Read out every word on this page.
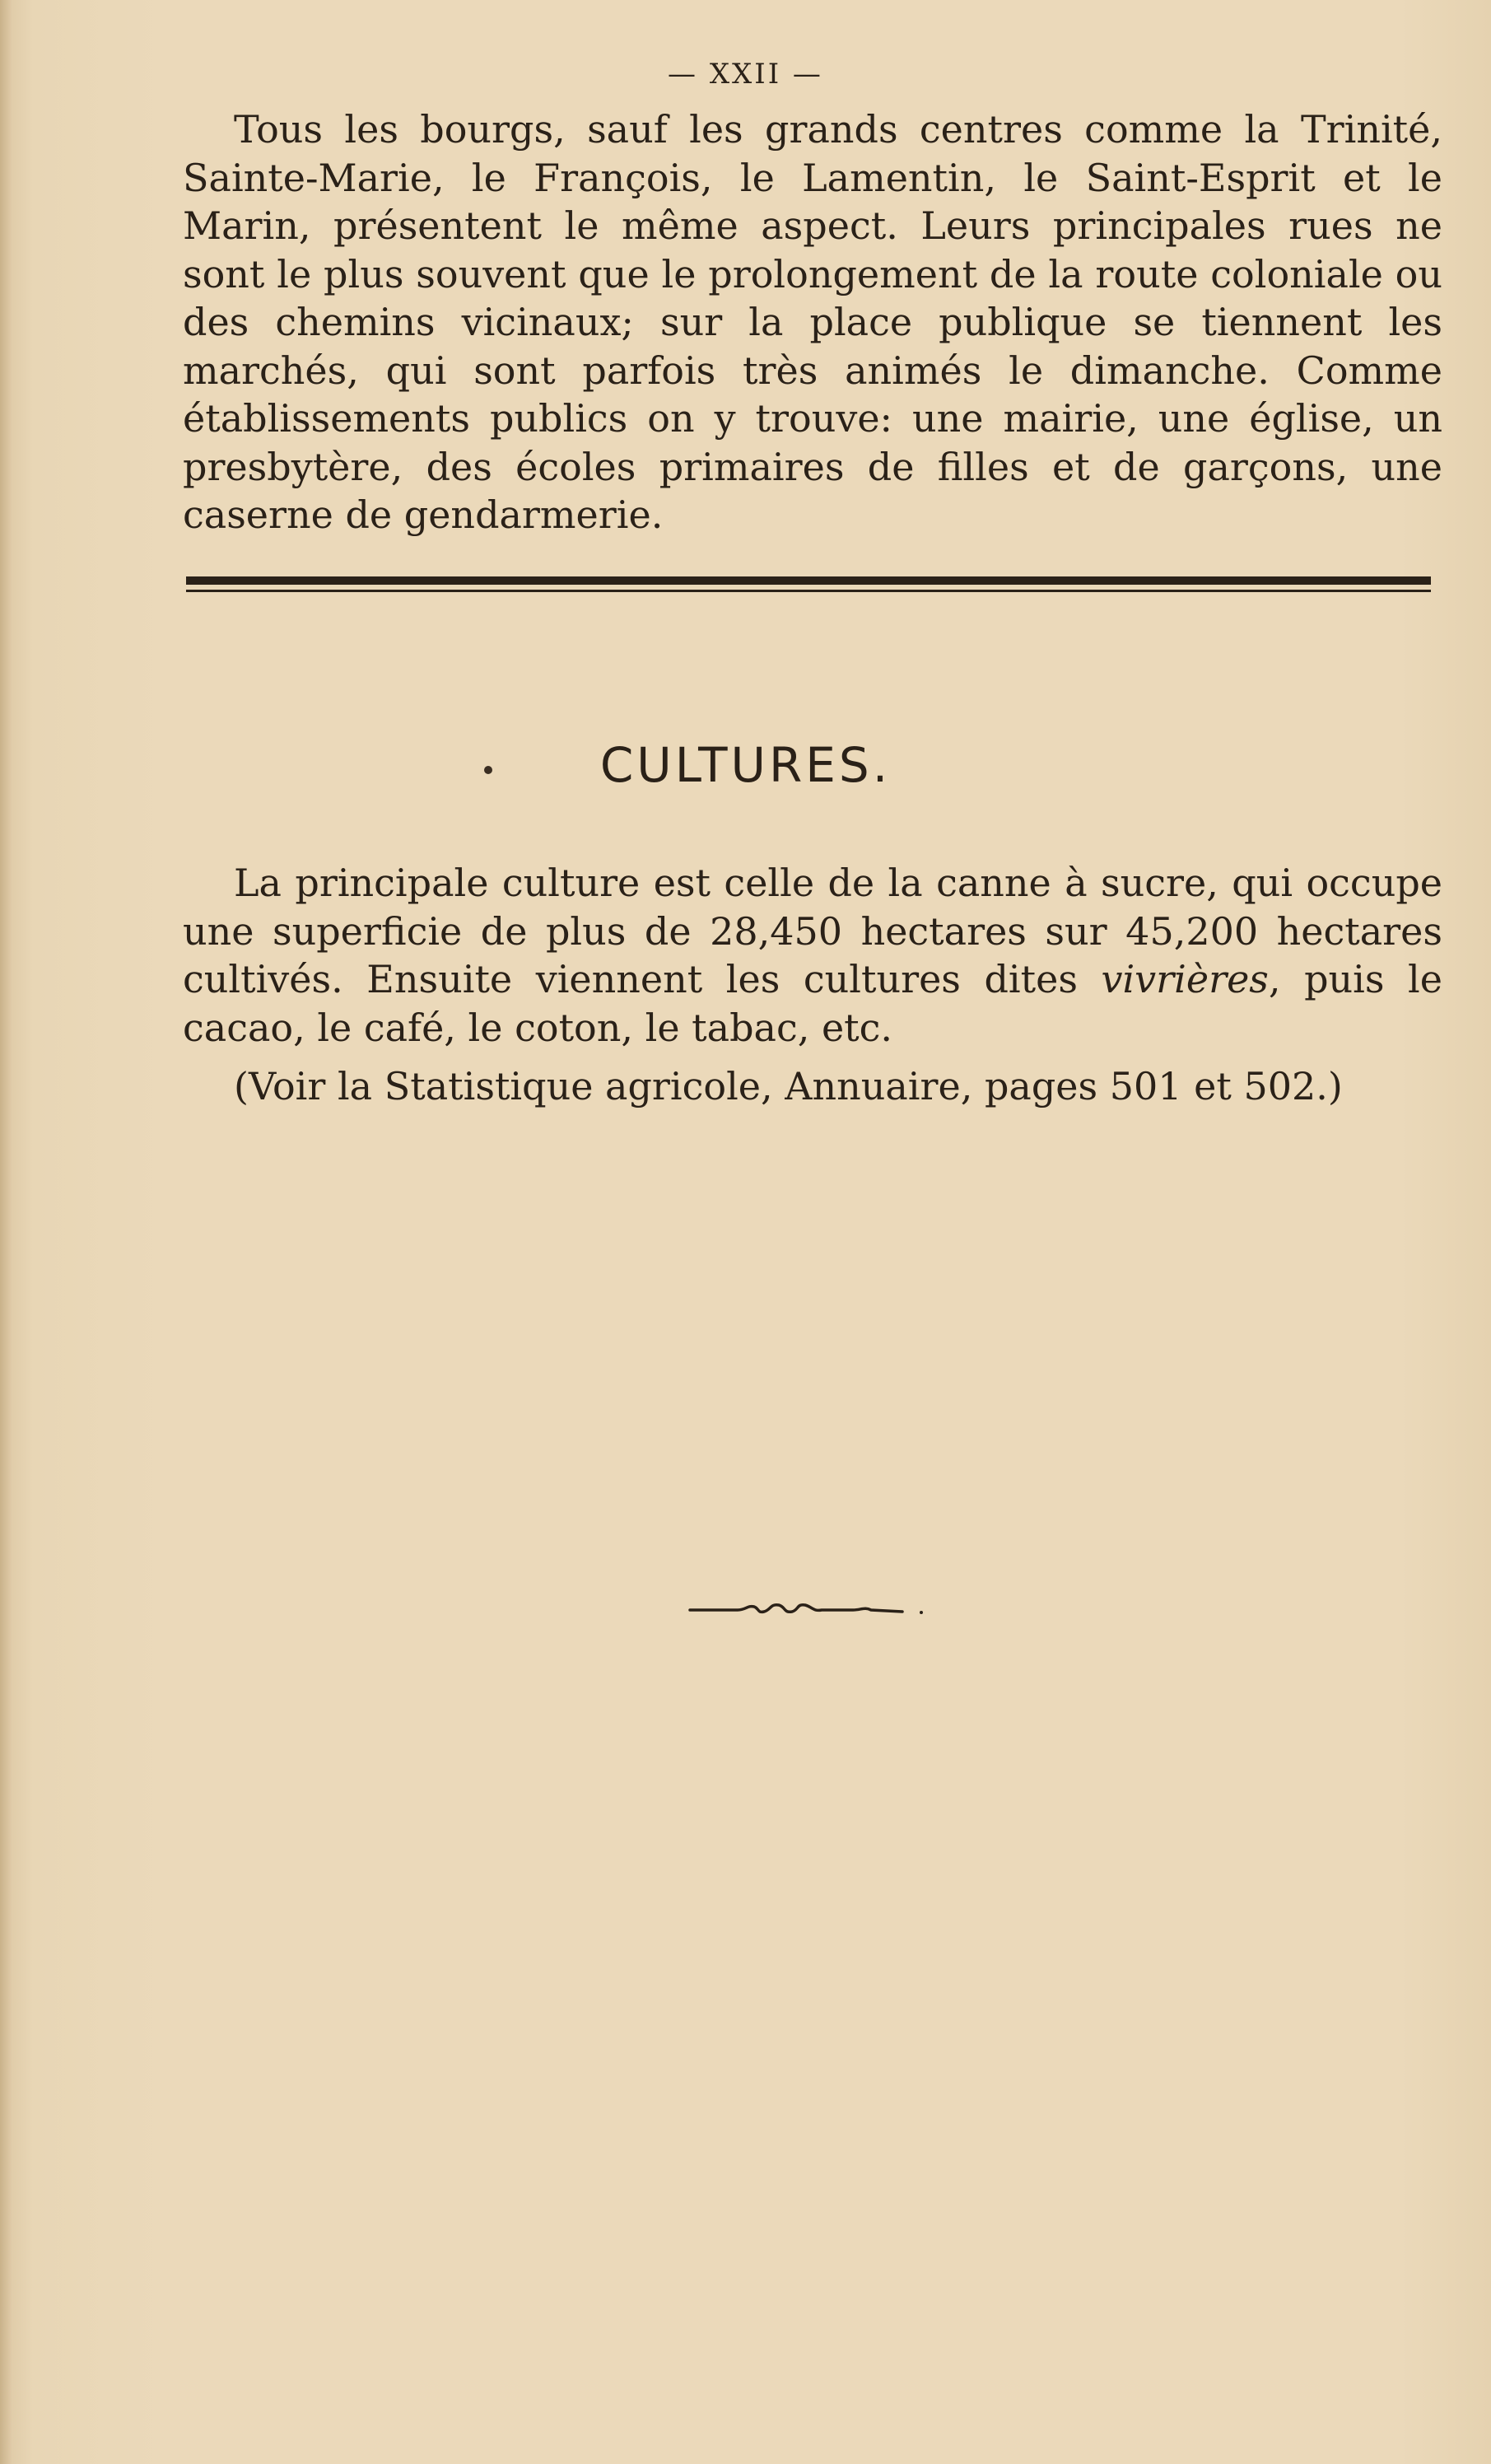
— XXII —

Tous les bourgs, sauf les grands centres comme la Trinité, Sainte-Marie, le François, le Lamentin, le Saint-Esprit et le Marin, présentent le même aspect. Leurs principales rues ne sont le plus souvent que le prolongement de la route coloniale ou des chemins vicinaux; sur la place publique se tiennent les marchés, qui sont parfois très animés le dimanche. Comme établissements publics on y trouve: une mairie, une église, un presbytère, des écoles primaires de filles et de garçons, une caserne de gendarmerie.

CULTURES.

La principale culture est celle de la canne à sucre, qui occupe une superficie de plus de 28,450 hectares sur 45,200 hectares cultivés. Ensuite viennent les cultures dites vivrières, puis le cacao, le café, le coton, le tabac, etc.

(Voir la Statistique agricole, Annuaire, pages 501 et 502.)
